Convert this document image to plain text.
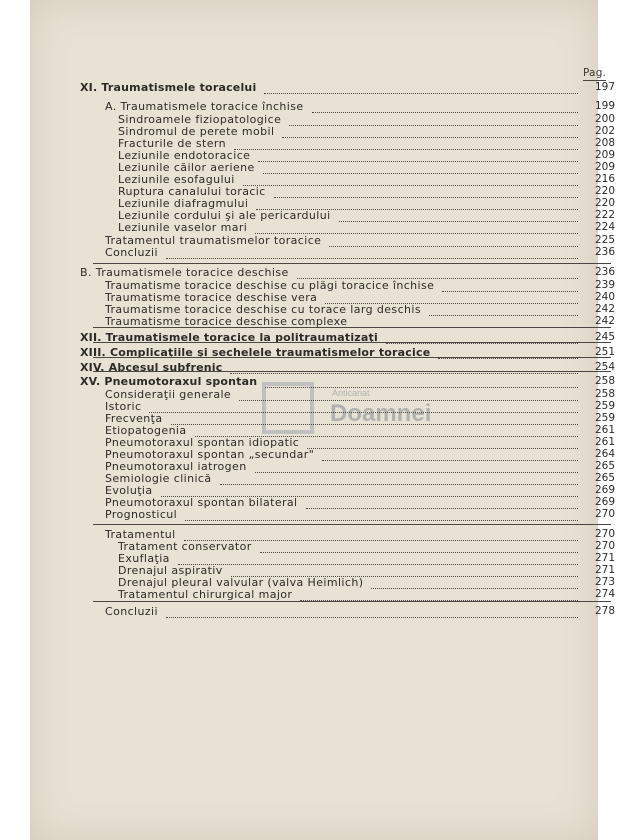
Pag.
Anticariat
Doamnei
XI. Traumatismele toracelui	197
A. Traumatismele toracice închise	199
Sindroamele fiziopatologice	200
Sindromul de perete mobil	202
Fracturile de stern	208
Leziunile endotoracice	209
Leziunile căilor aeriene	209
Leziunile esofagului	216
Ruptura canalului toracic	220
Leziunile diafragmului	220
Leziunile cordului şi ale pericardului	222
Leziunile vaselor mari	224
Tratamentul traumatismelor toracice	225
Concluzii	236
B. Traumatismele toracice deschise	236
Traumatisme toracice deschise cu plăgi toracice închise	239
Traumatisme toracice deschise vera	240
Traumatisme toracice deschise cu torace larg deschis	242
Traumatisme toracice deschise complexe	242
XII. Traumatismele toracice la politraumatizaţi	245
XIII. Complicaţiile şi sechelele traumatismelor toracice	251
XIV. Abcesul subfrenic	254
XV. Pneumotoraxul spontan	258
Consideraţii generale	258
Istoric	259
Frecvenţa	259
Etiopatogenia	261
Pneumotoraxul spontan idiopatic	261
Pneumotoraxul spontan „secundar"	264
Pneumotoraxul iatrogen	265
Semiologie clinică	265
Evoluţia	269
Pneumotoraxul spontan bilateral	269
Prognosticul	270
Tratamentul	270
Tratament conservator	270
Exuflaţia	271
Drenajul aspirativ	271
Drenajul pleural valvular (valva Heimlich)	273
Tratamentul chirurgical major	274
Concluzii	278
